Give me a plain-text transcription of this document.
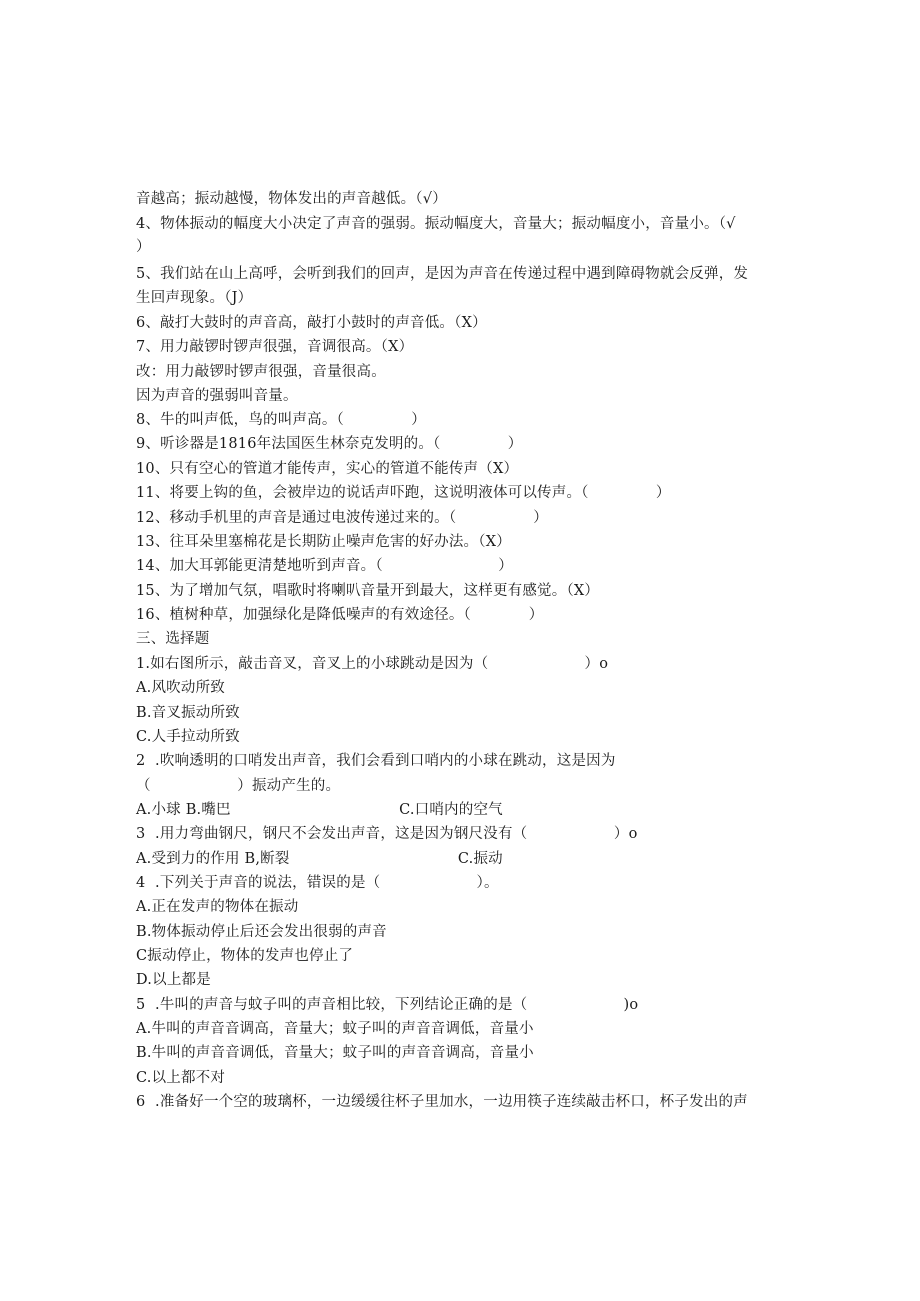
音越高；振动越慢，物体发出的声音越低。（√）
4、物体振动的幅度大小决定了声音的强弱。振动幅度大，音量大；振动幅度小，音量小。（√
）
5、我们站在山上高呼，会听到我们的回声，是因为声音在传递过程中遇到障碍物就会反弹，发
生回声现象。（J）
6、敲打大鼓时的声音高，敲打小鼓时的声音低。（X）
7、用力敲锣时锣声很强，音调很高。（X）
改：用力敲锣时锣声很强，音量很高。
因为声音的强弱叫音量。
8、牛的叫声低，鸟的叫声高。（              ）
9、听诊器是1816年法国医生林奈克发明的。（              ）
10、只有空心的管道才能传声，实心的管道不能传声（X）
11、将要上钩的鱼，会被岸边的说话声吓跑，这说明液体可以传声。（              ）
12、移动手机里的声音是通过电波传递过来的。（                ）
13、往耳朵里塞棉花是长期防止噪声危害的好办法。（X）
14、加大耳郭能更清楚地听到声音。（                        ）
15、为了增加气氛，唱歌时将喇叭音量开到最大，这样更有感觉。（X）
16、植树种草，加强绿化是降低噪声的有效途径。（            ）
三、选择题
1.如右图所示，敲击音叉，音叉上的小球跳动是因为（                    ）o
A.风吹动所致
B.音叉振动所致
C.人手拉动所致
2  .吹响透明的口哨发出声音，我们会看到口哨内的小球在跳动，这是因为
（                  ）振动产生的。
A.小球 B.嘴巴                                   C.口哨内的空气
3  .用力弯曲钢尺，钢尺不会发出声音，这是因为钢尺没有（                  ）o
A.受到力的作用 B,断裂                                   C.振动
4  .下列关于声音的说法，错误的是（                    ）。
A.正在发声的物体在振动
B.物体振动停止后还会发出很弱的声音
C振动停止，物体的发声也停止了
D.以上都是
5  .牛叫的声音与蚊子叫的声音相比较，下列结论正确的是（                    )o
A.牛叫的声音音调高，音量大；蚊子叫的声音音调低，音量小
B.牛叫的声音音调低，音量大；蚊子叫的声音音调高，音量小
C.以上都不对
6  .准备好一个空的玻璃杯，一边缓缓往杯子里加水，一边用筷子连续敲击杯口，杯子发出的声
